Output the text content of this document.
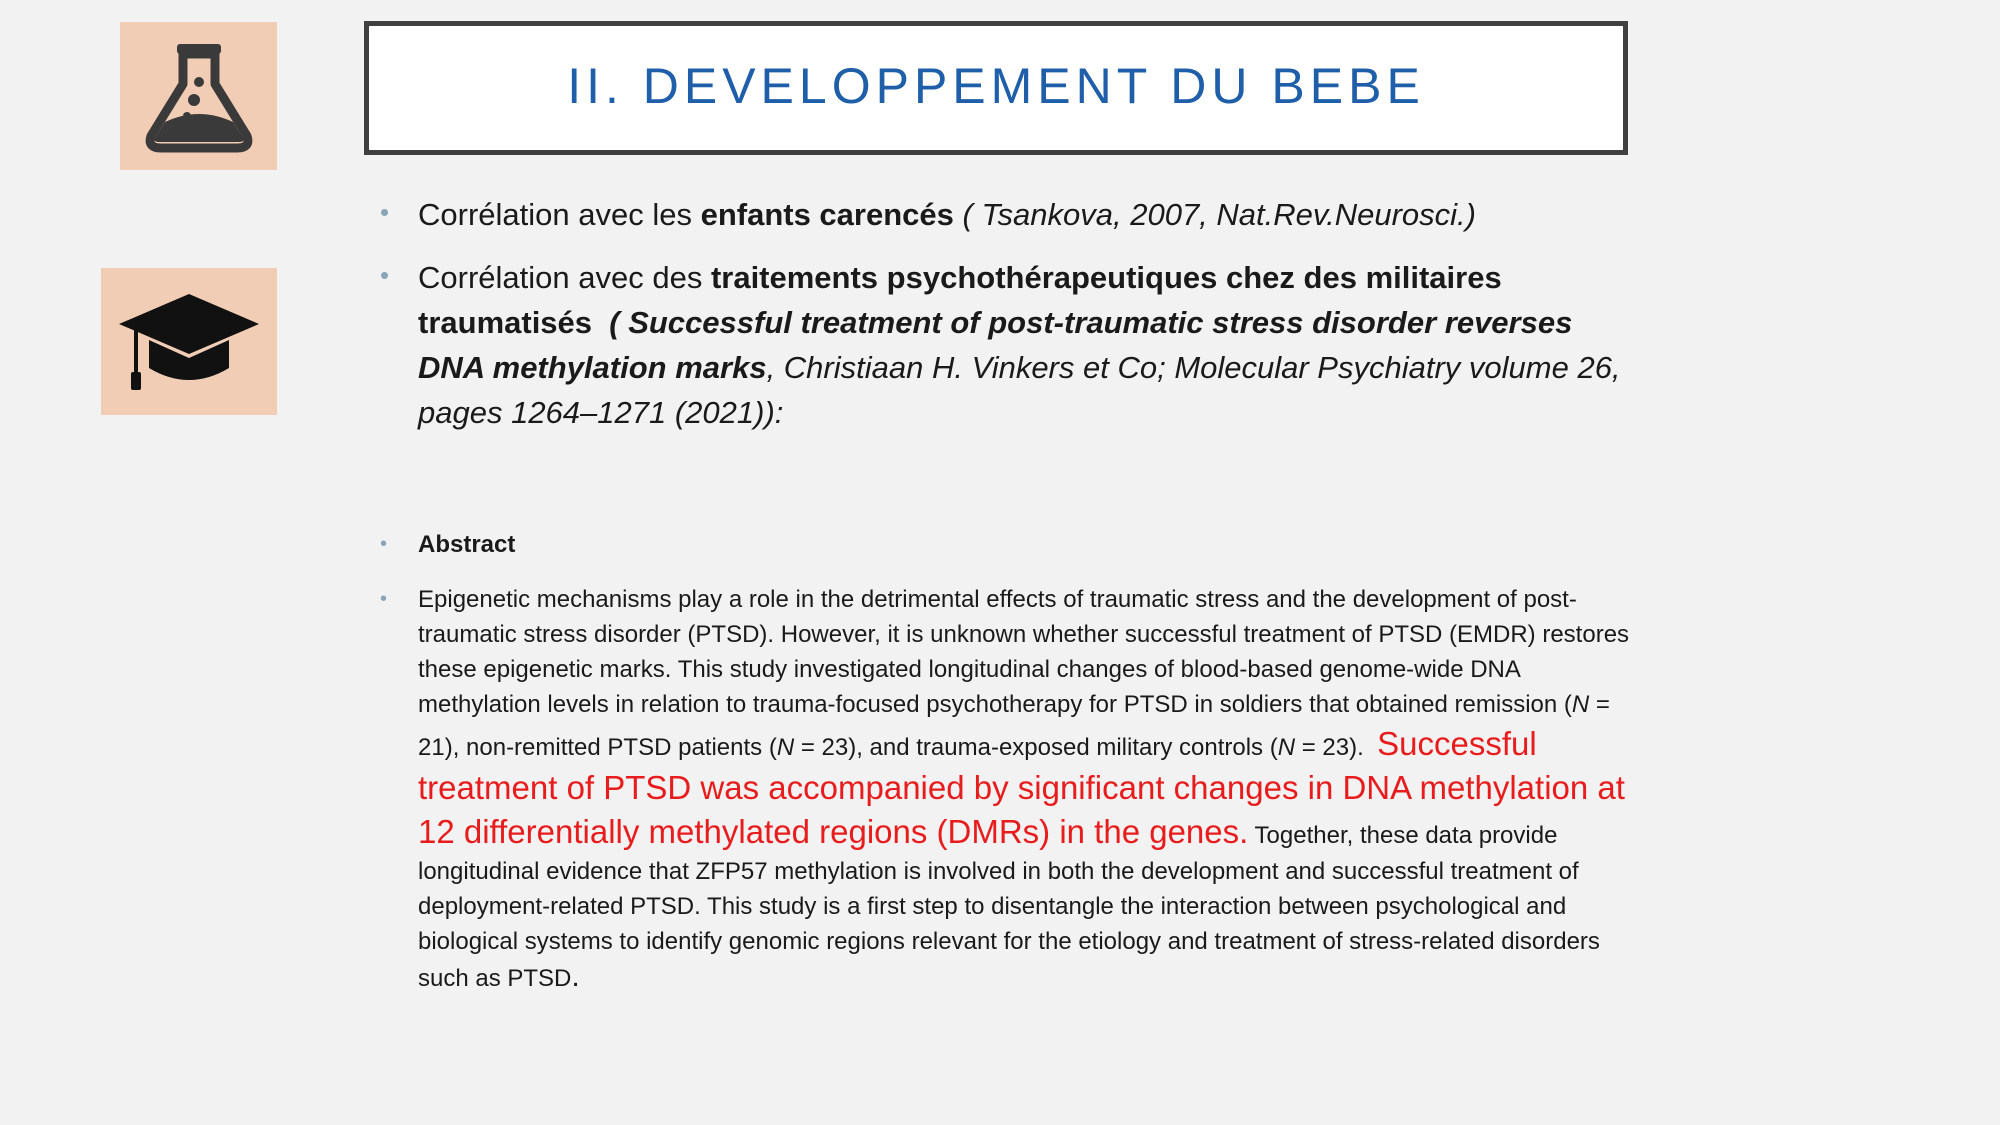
II. DEVELOPPEMENT DU BEBE
• Corrélation avec les enfants carencés ( Tsankova, 2007, Nat.Rev.Neurosci.)
• Corrélation avec des traitements psychothérapeutiques chez des militaires traumatisés  ( Successful treatment of post-traumatic stress disorder reverses DNA methylation marks, Christiaan H. Vinkers et Co; Molecular Psychiatry volume 26, pages 1264–1271 (2021)):
• Abstract
• Epigenetic mechanisms play a role in the detrimental effects of traumatic stress and the development of post-traumatic stress disorder (PTSD). However, it is unknown whether successful treatment of PTSD (EMDR) restores these epigenetic marks. This study investigated longitudinal changes of blood-based genome-wide DNA methylation levels in relation to trauma-focused psychotherapy for PTSD in soldiers that obtained remission (N = 21), non-remitted PTSD patients (N = 23), and trauma-exposed military controls (N = 23).  Successful treatment of PTSD was accompanied by significant changes in DNA methylation at 12 differentially methylated regions (DMRs) in the genes. Together, these data provide longitudinal evidence that ZFP57 methylation is involved in both the development and successful treatment of deployment-related PTSD. This study is a first step to disentangle the interaction between psychological and biological systems to identify genomic regions relevant for the etiology and treatment of stress-related disorders such as PTSD.
